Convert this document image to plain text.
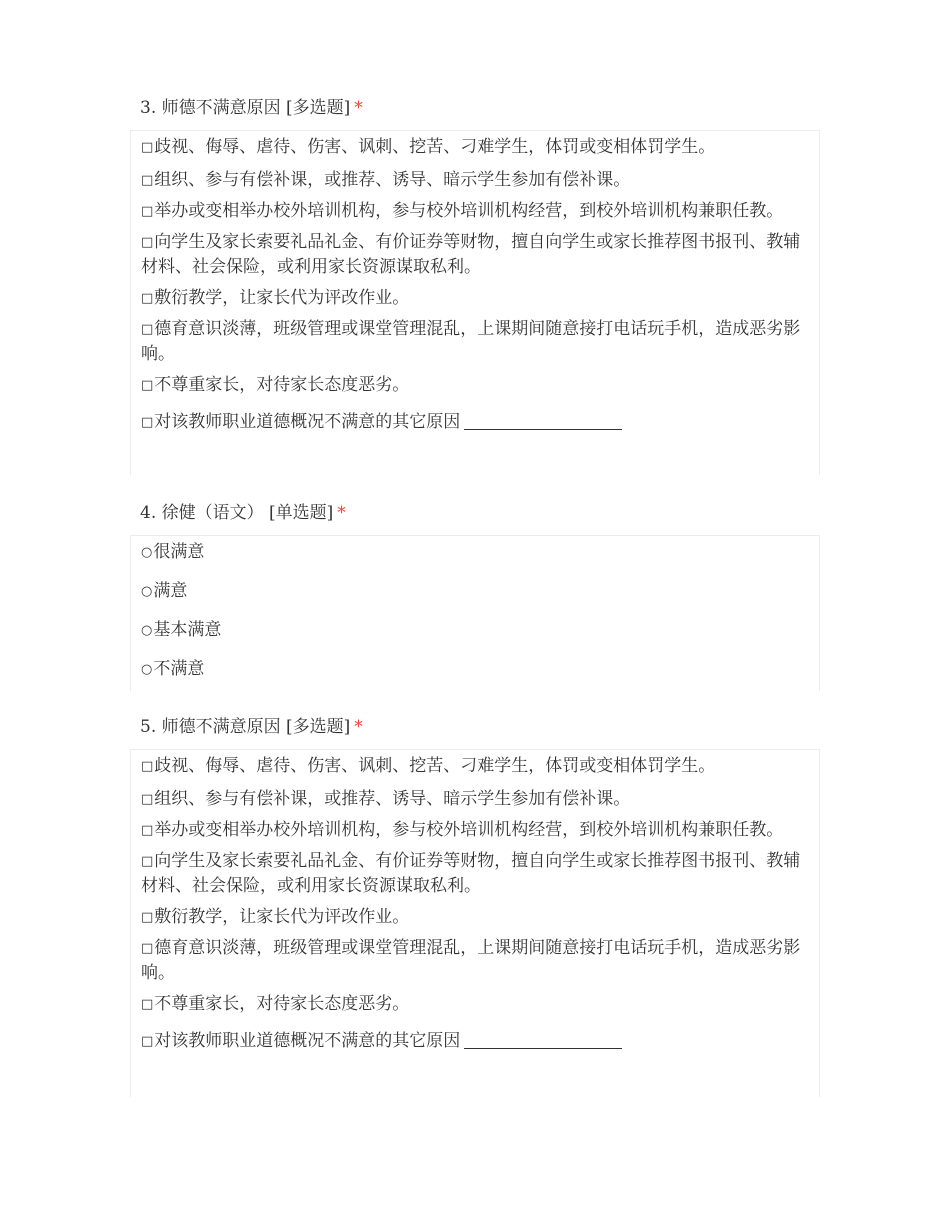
3. 师德不满意原因 [多选题] *
□歧视、侮辱、虐待、伤害、讽刺、挖苦、刁难学生，体罚或变相体罚学生。
□组织、参与有偿补课，或推荐、诱导、暗示学生参加有偿补课。
□举办或变相举办校外培训机构，参与校外培训机构经营，到校外培训机构兼职任教。
□向学生及家长索要礼品礼金、有价证券等财物，擅自向学生或家长推荐图书报刊、教辅材料、社会保险，或利用家长资源谋取私利。
□敷衍教学，让家长代为评改作业。
□德育意识淡薄，班级管理或课堂管理混乱，上课期间随意接打电话玩手机，造成恶劣影响。
□不尊重家长，对待家长态度恶劣。
□对该教师职业道德概况不满意的其它原因
4. 徐健（语文） [单选题] *
○很满意
○满意
○基本满意
○不满意
5. 师德不满意原因 [多选题] *
□歧视、侮辱、虐待、伤害、讽刺、挖苦、刁难学生，体罚或变相体罚学生。
□组织、参与有偿补课，或推荐、诱导、暗示学生参加有偿补课。
□举办或变相举办校外培训机构，参与校外培训机构经营，到校外培训机构兼职任教。
□向学生及家长索要礼品礼金、有价证券等财物，擅自向学生或家长推荐图书报刊、教辅材料、社会保险，或利用家长资源谋取私利。
□敷衍教学，让家长代为评改作业。
□德育意识淡薄，班级管理或课堂管理混乱，上课期间随意接打电话玩手机，造成恶劣影响。
□不尊重家长，对待家长态度恶劣。
□对该教师职业道德概况不满意的其它原因
